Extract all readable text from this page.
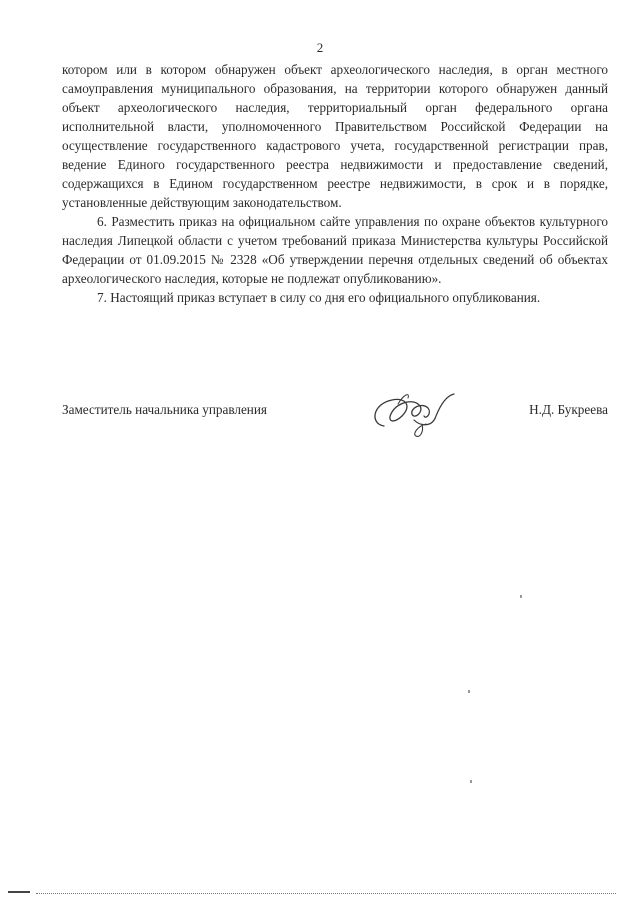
2

котором или в котором обнаружен объект археологического наследия, в орган местного самоуправления муниципального образования, на территории которого обнаружен данный объект археологического наследия, территориальный орган федерального органа исполнительной власти, уполномоченного Правительством Российской Федерации на осуществление государственного кадастрового учета, государственной регистрации прав, ведение Единого государственного реестра недвижимости и предоставление сведений, содержащихся в Едином государственном реестре недвижимости, в срок и в порядке, установленные действующим законодательством.

6. Разместить приказ на официальном сайте управления по охране объектов культурного наследия Липецкой области с учетом требований приказа Министерства культуры Российской Федерации от 01.09.2015 № 2328 «Об утверждении перечня отдельных сведений об объектах археологического наследия, которые не подлежат опубликованию».

7. Настоящий приказ вступает в силу со дня его официального опубликования.

Заместитель начальника управления	Н.Д. Букреева
